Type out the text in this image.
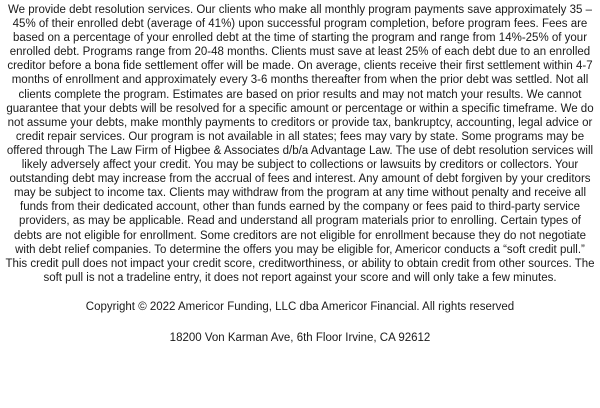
We provide debt resolution services. Our clients who make all monthly program payments save approximately 35 – 45% of their enrolled debt (average of 41%) upon successful program completion, before program fees. Fees are based on a percentage of your enrolled debt at the time of starting the program and range from 14%-25% of your enrolled debt. Programs range from 20-48 months. Clients must save at least 25% of each debt due to an enrolled creditor before a bona fide settlement offer will be made. On average, clients receive their first settlement within 4-7 months of enrollment and approximately every 3-6 months thereafter from when the prior debt was settled. Not all clients complete the program. Estimates are based on prior results and may not match your results. We cannot guarantee that your debts will be resolved for a specific amount or percentage or within a specific timeframe. We do not assume your debts, make monthly payments to creditors or provide tax, bankruptcy, accounting, legal advice or credit repair services. Our program is not available in all states; fees may vary by state. Some programs may be offered through The Law Firm of Higbee & Associates d/b/a Advantage Law. The use of debt resolution services will likely adversely affect your credit. You may be subject to collections or lawsuits by creditors or collectors. Your outstanding debt may increase from the accrual of fees and interest. Any amount of debt forgiven by your creditors may be subject to income tax. Clients may withdraw from the program at any time without penalty and receive all funds from their dedicated account, other than funds earned by the company or fees paid to third-party service providers, as may be applicable. Read and understand all program materials prior to enrolling. Certain types of debts are not eligible for enrollment. Some creditors are not eligible for enrollment because they do not negotiate with debt relief companies. To determine the offers you may be eligible for, Americor conducts a “soft credit pull.” This credit pull does not impact your credit score, creditworthiness, or ability to obtain credit from other sources. The soft pull is not a tradeline entry, it does not report against your score and will only take a few minutes.

Copyright © 2022 Americor Funding, LLC dba Americor Financial. All rights reserved

18200 Von Karman Ave, 6th Floor Irvine, CA 92612
